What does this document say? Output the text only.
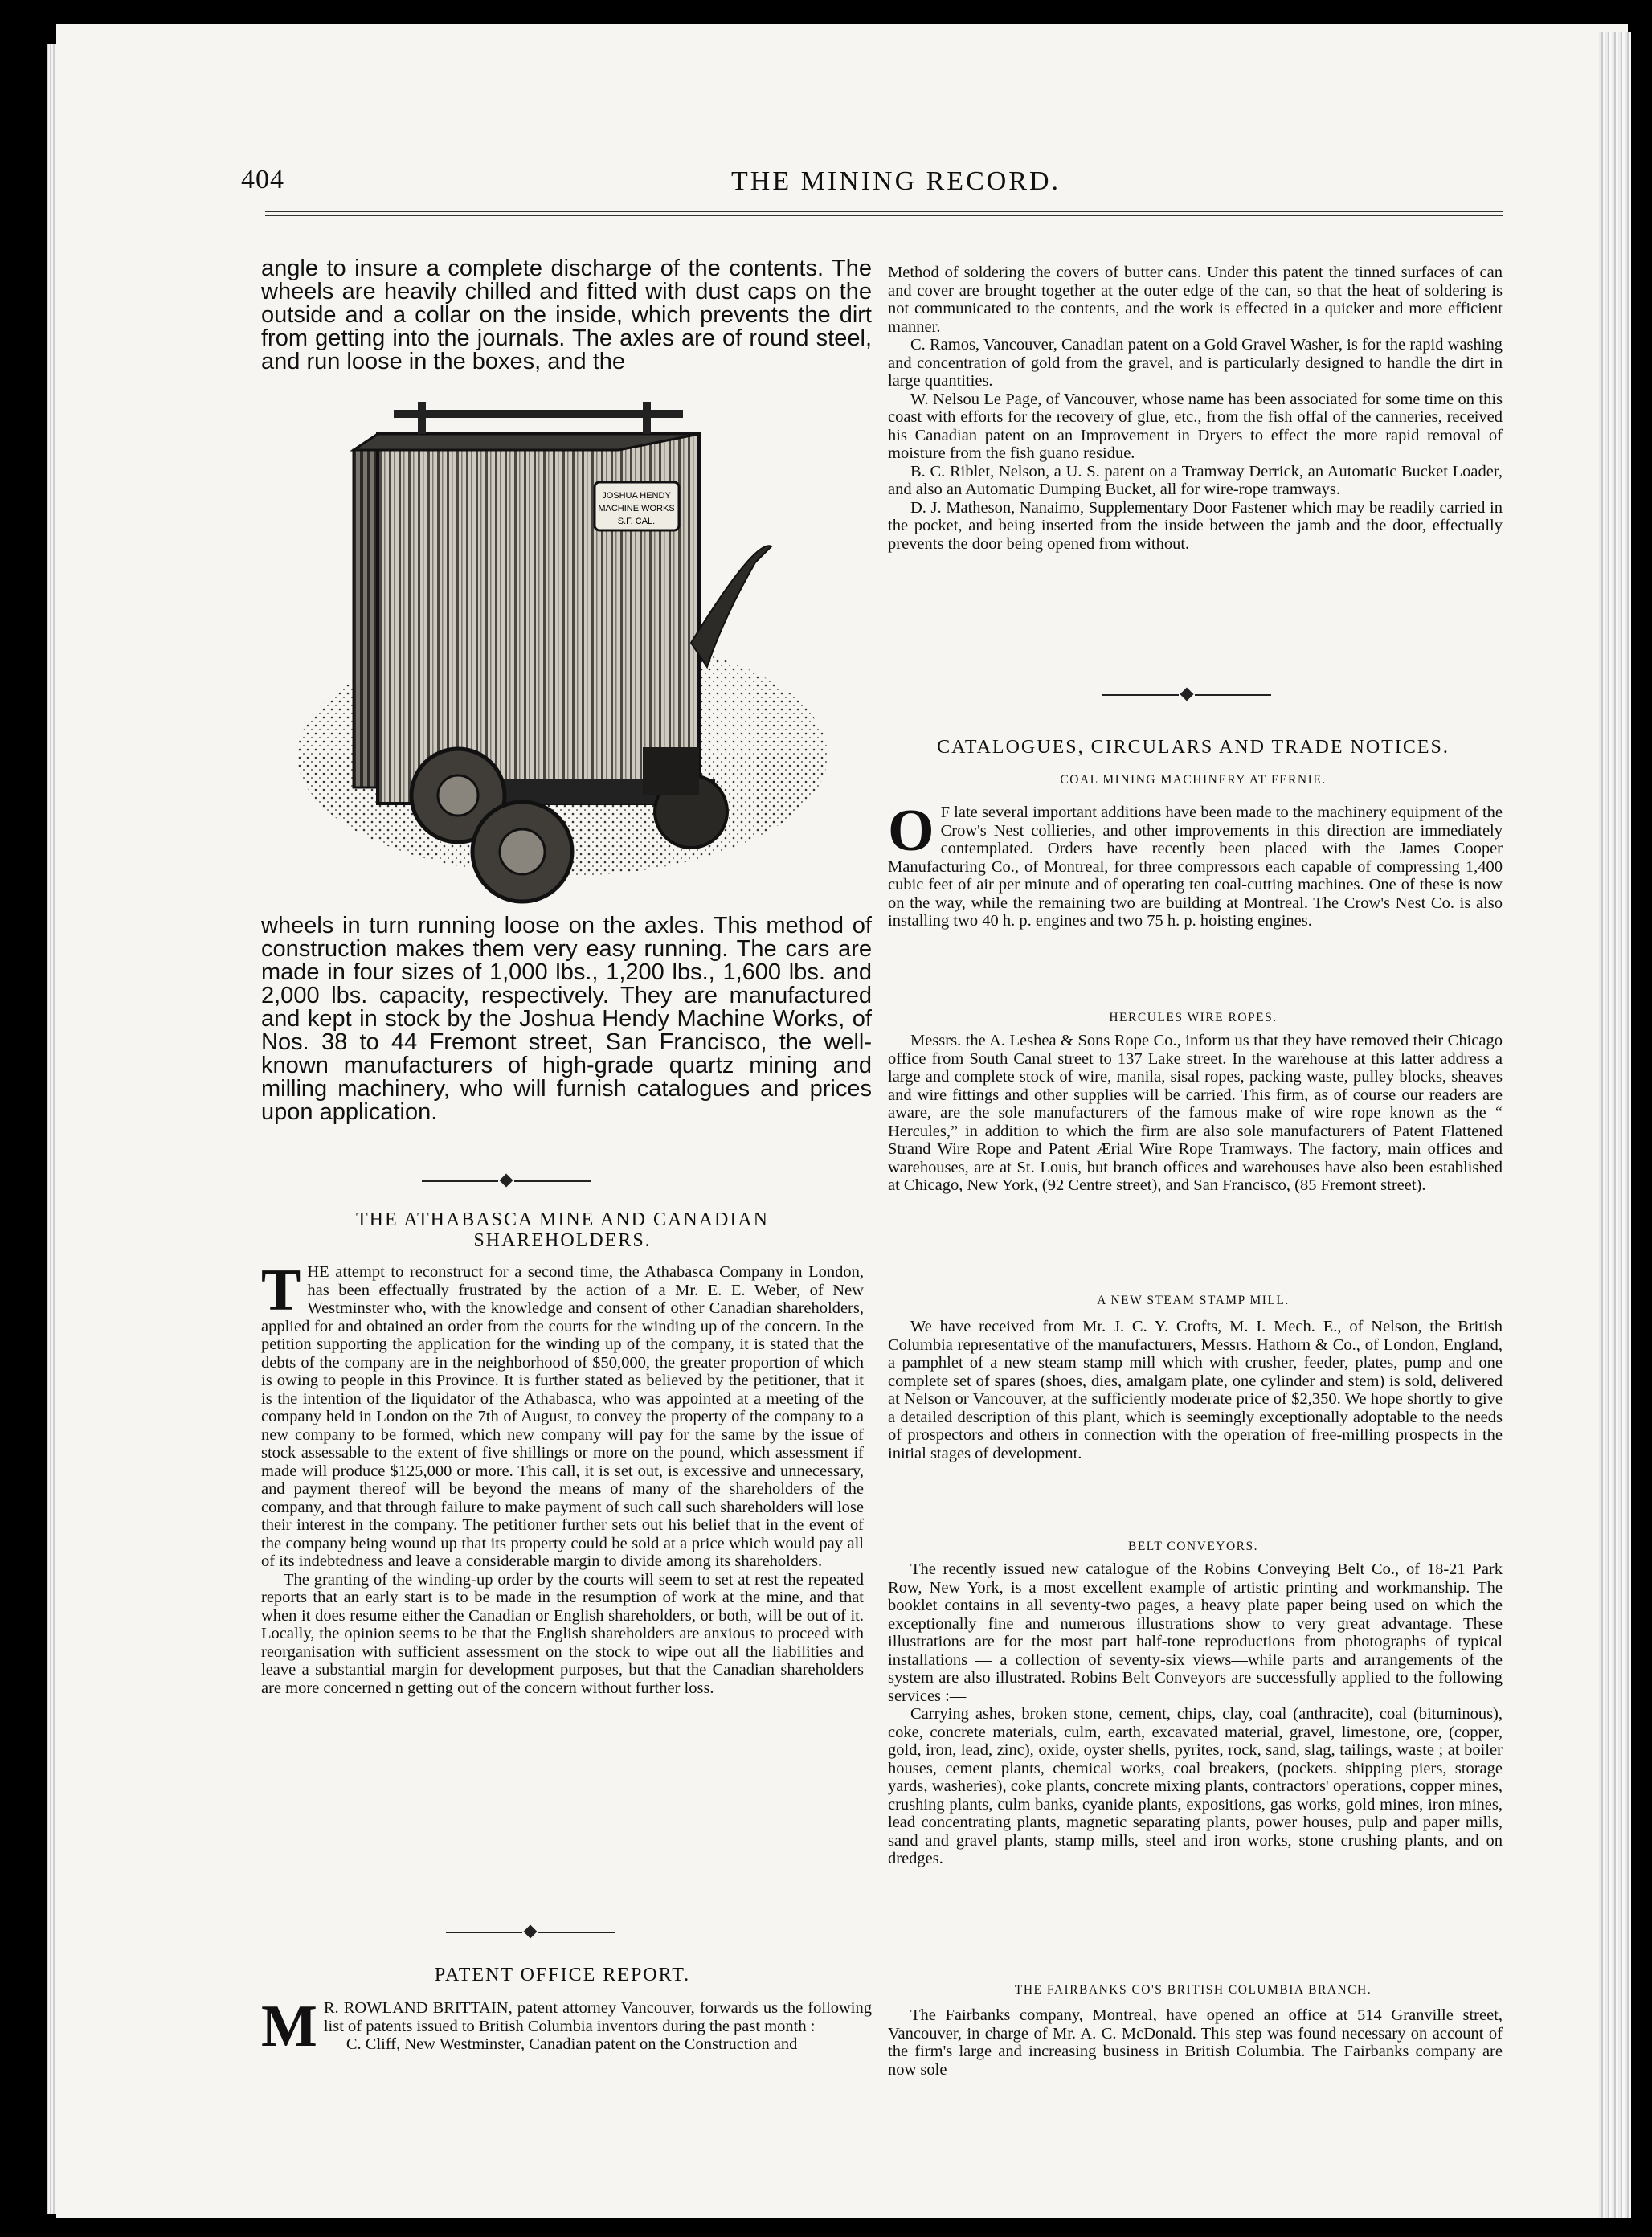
404	THE MINING RECORD.
angle to insure a complete discharge of the contents. The wheels are heavily chilled and fitted with dust caps on the outside and a collar on the inside, which prevents the dirt from getting into the journals. The axles are of round steel, and run loose in the boxes, and the
JOSHUA HENDY
MACHINE WORKS
S.F. CAL.
wheels in turn running loose on the axles. This method of construction makes them very easy running. The cars are made in four sizes of 1,000 lbs., 1,200 lbs., 1,600 lbs. and 2,000 lbs. capacity, respectively. They are manufactured and kept in stock by the Joshua Hendy Machine Works, of Nos. 38 to 44 Fremont street, San Francisco, the well-known manufacturers of high-grade quartz mining and milling machinery, who will furnish catalogues and prices upon application.
THE ATHABASCA MINE AND CANADIAN SHAREHOLDERS.

THE attempt to reconstruct for a second time, the Athabasca Company in London, has been effectually frustrated by the action of a Mr. E. E. Weber, of New Westminster who, with the knowledge and consent of other Canadian shareholders, applied for and obtained an order from the courts for the winding up of the concern. In the petition supporting the application for the winding up of the company, it is stated that the debts of the company are in the neighborhood of $50,000, the greater proportion of which is owing to people in this Province. It is further stated as believed by the petitioner, that it is the intention of the liquidator of the Athabasca, who was appointed at a meeting of the company held in London on the 7th of August, to convey the property of the company to a new company to be formed, which new company will pay for the same by the issue of stock assessable to the extent of five shillings or more on the pound, which assessment if made will produce $125,000 or more. This call, it is set out, is excessive and unnecessary, and payment thereof will be beyond the means of many of the shareholders of the company, and that through failure to make payment of such call such shareholders will lose their interest in the company. The petitioner further sets out his belief that in the event of the company being wound up that its property could be sold at a price which would pay all of its indebtedness and leave a considerable margin to divide among its shareholders.

The granting of the winding-up order by the courts will seem to set at rest the repeated reports that an early start is to be made in the resumption of work at the mine, and that when it does resume either the Canadian or English shareholders, or both, will be out of it. Locally, the opinion seems to be that the English shareholders are anxious to proceed with reorganisation with sufficient assessment on the stock to wipe out all the liabilities and leave a substantial margin for development purposes, but that the Canadian shareholders are more concerned n getting out of the concern without further loss.

PATENT OFFICE REPORT.

M R. ROWLAND BRITTAIN, patent attorney Vancouver, forwards us the following list of patents issued to British Columbia inventors during the past month :

C. Cliff, New Westminster, Canadian patent on the Construction and

Method of soldering the covers of butter cans. Under this patent the tinned surfaces of can and cover are brought together at the outer edge of the can, so that the heat of soldering is not communicated to the contents, and the work is effected in a quicker and more efficient manner.

C. Ramos, Vancouver, Canadian patent on a Gold Gravel Washer, is for the rapid washing and concentration of gold from the gravel, and is particularly designed to handle the dirt in large quantities.

W. Nelsou Le Page, of Vancouver, whose name has been associated for some time on this coast with efforts for the recovery of glue, etc., from the fish offal of the canneries, received his Canadian patent on an Improvement in Dryers to effect the more rapid removal of moisture from the fish guano residue.

B. C. Riblet, Nelson, a U. S. patent on a Tramway Derrick, an Automatic Bucket Loader, and also an Automatic Dumping Bucket, all for wire-rope tramways.

D. J. Matheson, Nanaimo, Supplementary Door Fastener which may be readily carried in the pocket, and being inserted from the inside between the jamb and the door, effectually prevents the door being opened from without.

CATALOGUES, CIRCULARS AND TRADE NOTICES.
COAL MINING MACHINERY AT FERNIE.

O F late several important additions have been made to the machinery equipment of the Crow's Nest collieries, and other improvements in this direction are immediately contemplated. Orders have recently been placed with the James Cooper Manufacturing Co., of Montreal, for three compressors each capable of compressing 1,400 cubic feet of air per minute and of operating ten coal-cutting machines. One of these is now on the way, while the remaining two are building at Montreal. The Crow's Nest Co. is also installing two 40 h. p. engines and two 75 h. p. hoisting engines.

HERCULES WIRE ROPES.

Messrs. the A. Leshea & Sons Rope Co., inform us that they have removed their Chicago office from South Canal street to 137 Lake street. In the warehouse at this latter address a large and complete stock of wire, manila, sisal ropes, packing waste, pulley blocks, sheaves and wire fittings and other supplies will be carried. This firm, as of course our readers are aware, are the sole manufacturers of the famous make of wire rope known as the “ Hercules,” in addition to which the firm are also sole manufacturers of Patent Flattened Strand Wire Rope and Patent Ærial Wire Rope Tramways. The factory, main offices and warehouses, are at St. Louis, but branch offices and warehouses have also been established at Chicago, New York, (92 Centre street), and San Francisco, (85 Fremont street).

A NEW STEAM STAMP MILL.

We have received from Mr. J. C. Y. Crofts, M. I. Mech. E., of Nelson, the British Columbia representative of the manufacturers, Messrs. Hathorn & Co., of London, England, a pamphlet of a new steam stamp mill which with crusher, feeder, plates, pump and one complete set of spares (shoes, dies, amalgam plate, one cylinder and stem) is sold, delivered at Nelson or Vancouver, at the sufficiently moderate price of $2,350. We hope shortly to give a detailed description of this plant, which is seemingly exceptionally adoptable to the needs of prospectors and others in connection with the operation of free-milling prospects in the initial stages of development.

BELT CONVEYORS.

The recently issued new catalogue of the Robins Conveying Belt Co., of 18-21 Park Row, New York, is a most excellent example of artistic printing and workmanship. The booklet contains in all seventy-two pages, a heavy plate paper being used on which the exceptionally fine and numerous illustrations show to very great advantage. These illustrations are for the most part half-tone reproductions from photographs of typical installations — a collection of seventy-six views—while parts and arrangements of the system are also illustrated. Robins Belt Conveyors are successfully applied to the following services :—

Carrying ashes, broken stone, cement, chips, clay, coal (anthracite), coal (bituminous), coke, concrete materials, culm, earth, excavated material, gravel, limestone, ore, (copper, gold, iron, lead, zinc), oxide, oyster shells, pyrites, rock, sand, slag, tailings, waste ; at boiler houses, cement plants, chemical works, coal breakers, (pockets. shipping piers, storage yards, washeries), coke plants, concrete mixing plants, contractors' operations, copper mines, crushing plants, culm banks, cyanide plants, expositions, gas works, gold mines, iron mines, lead concentrating plants, magnetic separating plants, power houses, pulp and paper mills, sand and gravel plants, stamp mills, steel and iron works, stone crushing plants, and on dredges.

THE FAIRBANKS CO'S BRITISH COLUMBIA BRANCH.

The Fairbanks company, Montreal, have opened an office at 514 Granville street, Vancouver, in charge of Mr. A. C. McDonald. This step was found necessary on account of the firm's large and increasing business in British Columbia. The Fairbanks company are now sole
